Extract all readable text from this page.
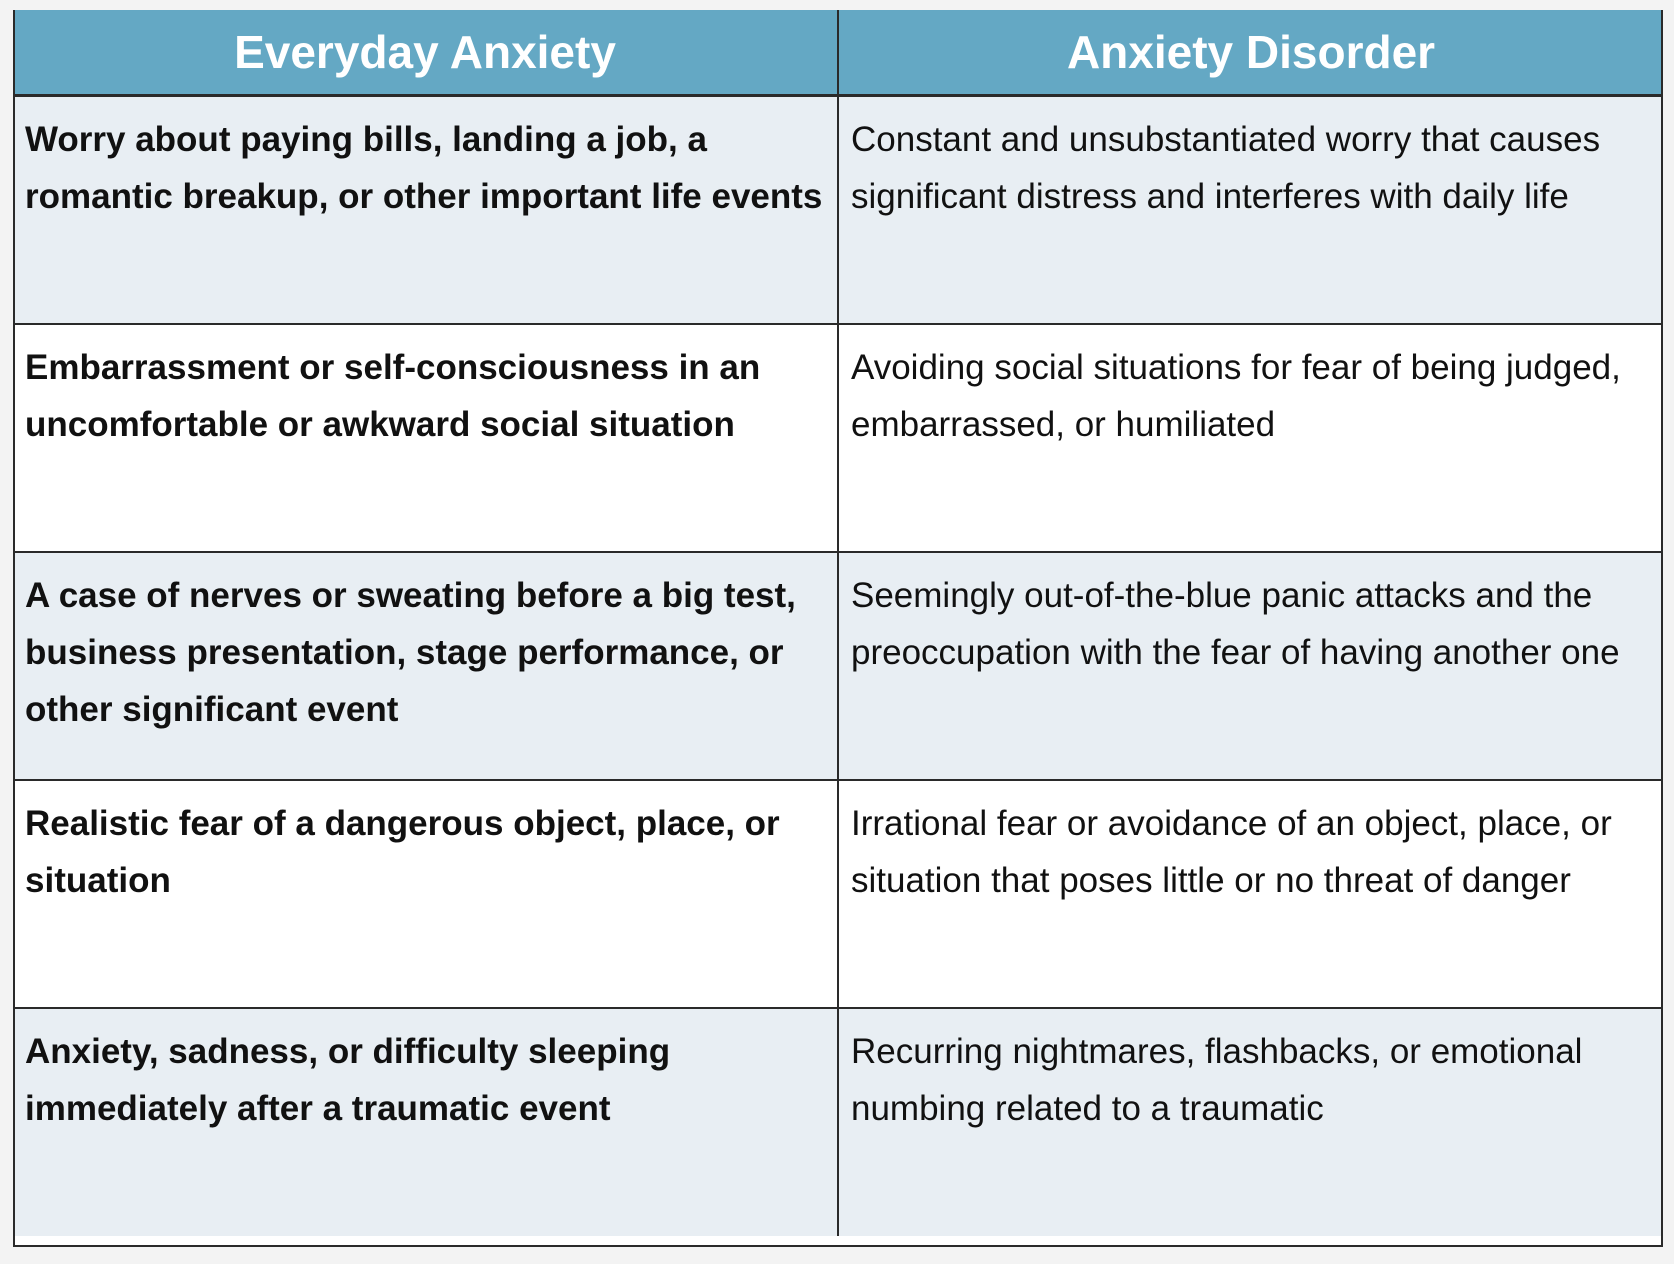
Everyday Anxiety	Anxiety Disorder
Worry about paying bills, landing a job, a romantic breakup, or other important life events	Constant and unsubstantiated worry that causes significant distress and interferes with daily life
Embarrassment or self-consciousness in an uncomfortable or awkward social situation	Avoiding social situations for fear of being judged, embarrassed, or humiliated
A case of nerves or sweating before a big test, business presentation, stage performance, or other significant event	Seemingly out-of-the-blue panic attacks and the preoccupation with the fear of having another one
Realistic fear of a dangerous object, place, or situation	Irrational fear or avoidance of an object, place, or situation that poses little or no threat of danger
Anxiety, sadness, or difficulty sleeping immediately after a traumatic event	Recurring nightmares, flashbacks, or emotional numbing related to a traumatic
